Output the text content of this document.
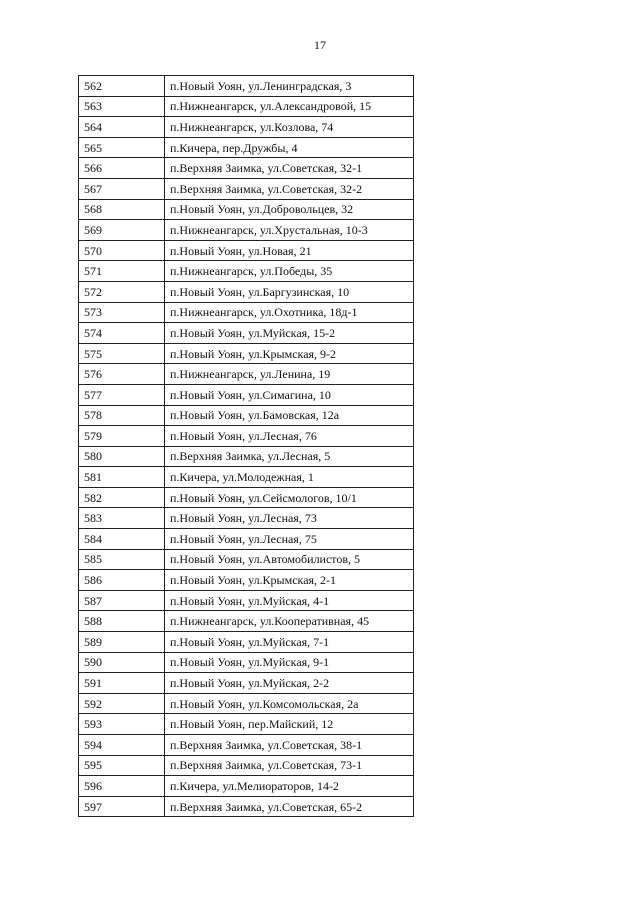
17
562	п.Новый Уоян, ул.Ленинградская, 3
563	п.Нижнеангарск, ул.Александровой, 15
564	п.Нижнеангарск, ул.Козлова, 74
565	п.Кичера, пер.Дружбы, 4
566	п.Верхняя Заимка, ул.Советская, 32-1
567	п.Верхняя Заимка, ул.Советская, 32-2
568	п.Новый Уоян, ул.Добровольцев, 32
569	п.Нижнеангарск, ул.Хрустальная, 10-3
570	п.Новый Уоян, ул.Новая, 21
571	п.Нижнеангарск, ул.Победы, 35
572	п.Новый Уоян, ул.Баргузинская, 10
573	п.Нижнеангарск, ул.Охотника, 18д-1
574	п.Новый Уоян, ул.Муйская, 15-2
575	п.Новый Уоян, ул.Крымская, 9-2
576	п.Нижнеангарск, ул.Ленина, 19
577	п.Новый Уоян, ул.Симагина, 10
578	п.Новый Уоян, ул.Бамовская, 12а
579	п.Новый Уоян, ул.Лесная, 76
580	п.Верхняя Заимка, ул.Лесная, 5
581	п.Кичера, ул.Молодежная, 1
582	п.Новый Уоян, ул.Сейсмологов, 10/1
583	п.Новый Уоян, ул.Лесная, 73
584	п.Новый Уоян, ул.Лесная, 75
585	п.Новый Уоян, ул.Автомобилистов, 5
586	п.Новый Уоян, ул.Крымская, 2-1
587	п.Новый Уоян, ул.Муйская, 4-1
588	п.Нижнеангарск, ул.Кооперативная, 45
589	п.Новый Уоян, ул.Муйская, 7-1
590	п.Новый Уоян, ул.Муйская, 9-1
591	п.Новый Уоян, ул.Муйская, 2-2
592	п.Новый Уоян, ул.Комсомольская, 2а
593	п.Новый Уоян, пер.Майский, 12
594	п.Верхняя Заимка, ул.Советская, 38-1
595	п.Верхняя Заимка, ул.Советская, 73-1
596	п.Кичера, ул.Мелиораторов, 14-2
597	п.Верхняя Заимка, ул.Советская, 65-2
